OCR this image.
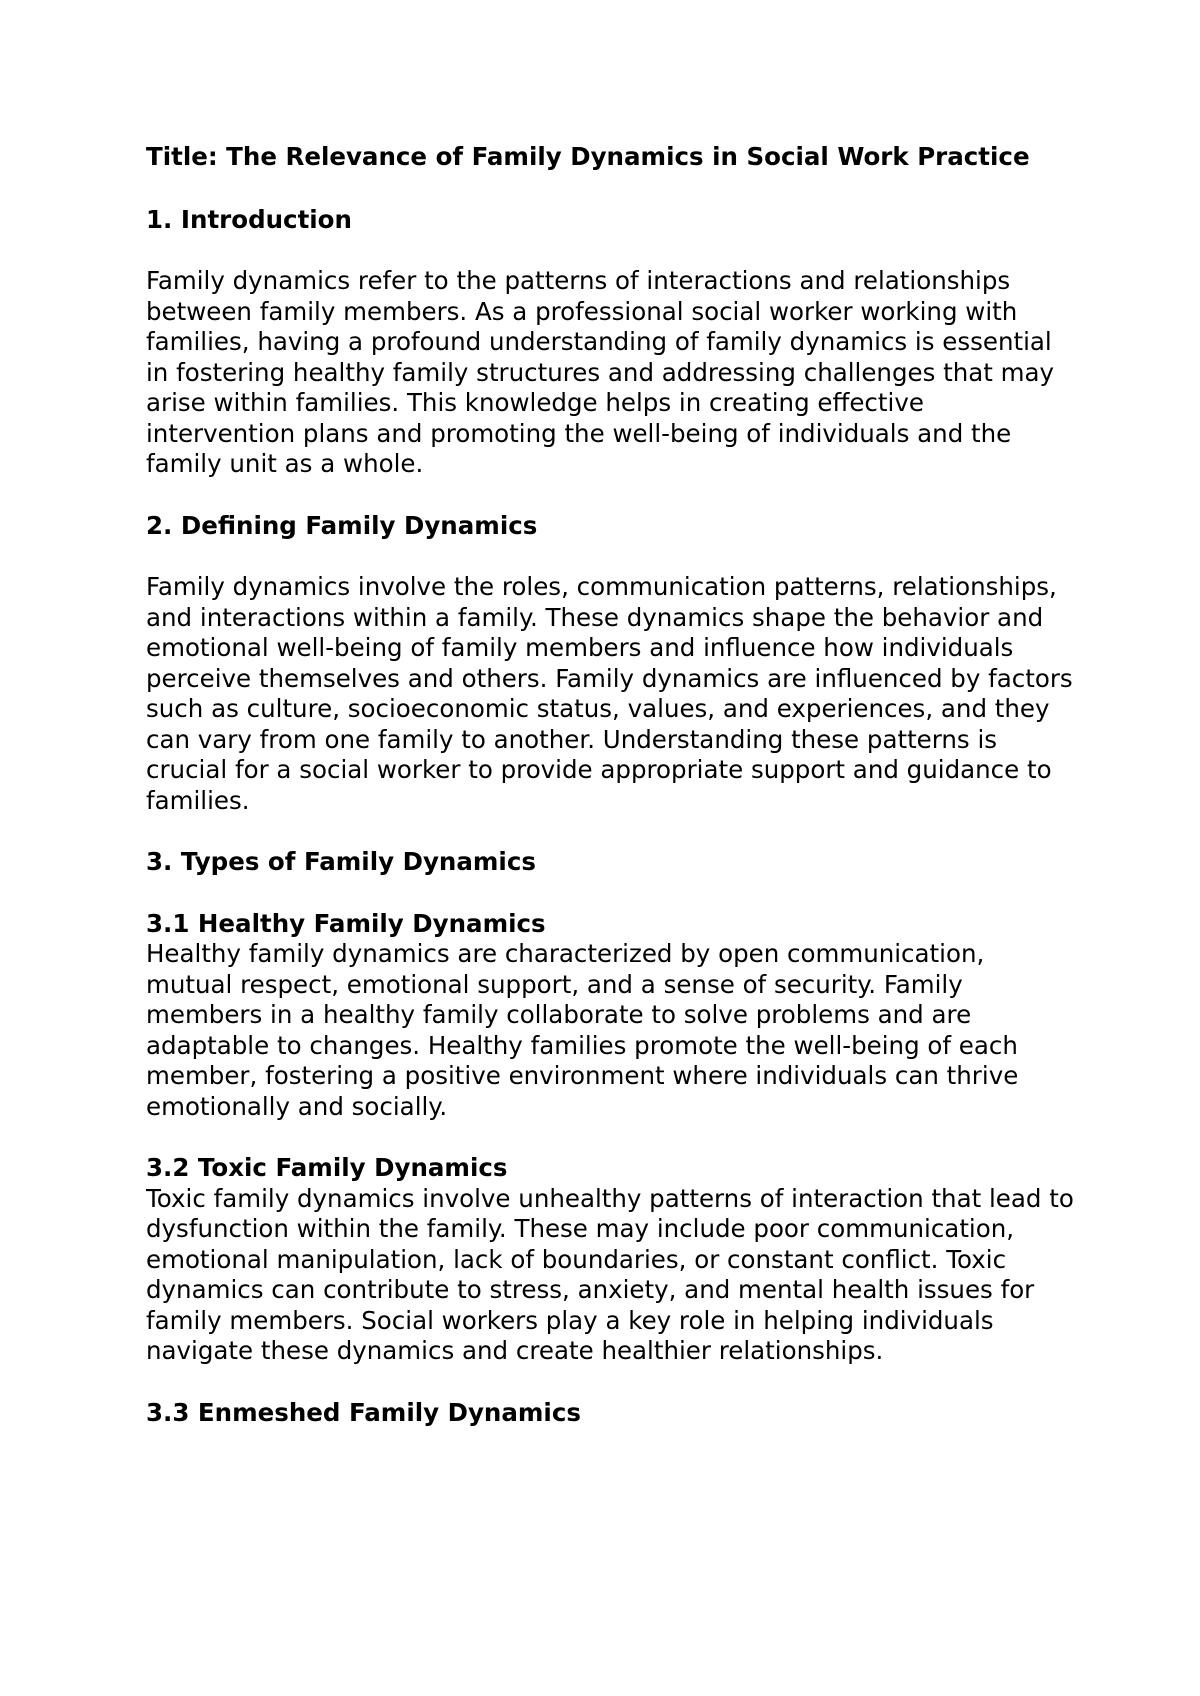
Title: The Relevance of Family Dynamics in Social Work Practice

1. Introduction

Family dynamics refer to the patterns of interactions and relationships between family members. As a professional social worker working with families, having a profound understanding of family dynamics is essential in fostering healthy family structures and addressing challenges that may arise within families. This knowledge helps in creating effective intervention plans and promoting the well-being of individuals and the family unit as a whole.

2. Defining Family Dynamics

Family dynamics involve the roles, communication patterns, relationships, and interactions within a family. These dynamics shape the behavior and emotional well-being of family members and influence how individuals perceive themselves and others. Family dynamics are influenced by factors such as culture, socioeconomic status, values, and experiences, and they can vary from one family to another. Understanding these patterns is crucial for a social worker to provide appropriate support and guidance to families.

3. Types of Family Dynamics

3.1 Healthy Family Dynamics

Healthy family dynamics are characterized by open communication, mutual respect, emotional support, and a sense of security. Family members in a healthy family collaborate to solve problems and are adaptable to changes. Healthy families promote the well-being of each member, fostering a positive environment where individuals can thrive emotionally and socially.

3.2 Toxic Family Dynamics

Toxic family dynamics involve unhealthy patterns of interaction that lead to dysfunction within the family. These may include poor communication, emotional manipulation, lack of boundaries, or constant conflict. Toxic dynamics can contribute to stress, anxiety, and mental health issues for family members. Social workers play a key role in helping individuals navigate these dynamics and create healthier relationships.

3.3 Enmeshed Family Dynamics
